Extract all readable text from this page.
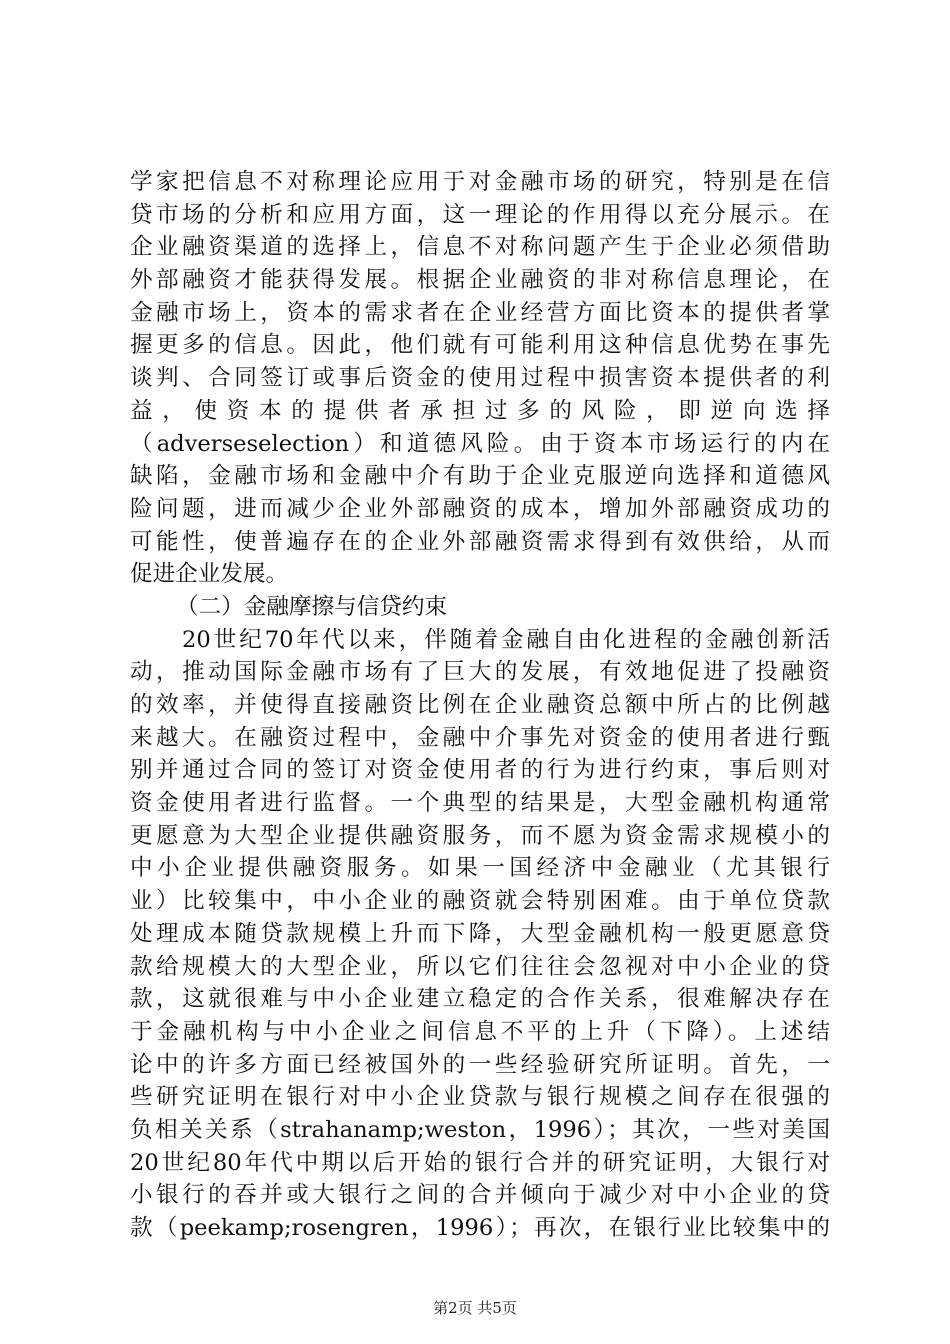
学家把信息不对称理论应用于对金融市场的研究，特别是在信
贷市场的分析和应用方面，这一理论的作用得以充分展示。在
企业融资渠道的选择上，信息不对称问题产生于企业必须借助
外部融资才能获得发展。根据企业融资的非对称信息理论，在
金融市场上，资本的需求者在企业经营方面比资本的提供者掌
握更多的信息。因此，他们就有可能利用这种信息优势在事先
谈判、合同签订或事后资金的使用过程中损害资本提供者的利
益，使资本的提供者承担过多的风险，即逆向选择
（adverseselection）和道德风险。由于资本市场运行的内在
缺陷，金融市场和金融中介有助于企业克服逆向选择和道德风
险问题，进而减少企业外部融资的成本，增加外部融资成功的
可能性，使普遍存在的企业外部融资需求得到有效供给，从而
促进企业发展。
（二）金融摩擦与信贷约束
20世纪70年代以来，伴随着金融自由化进程的金融创新活
动，推动国际金融市场有了巨大的发展，有效地促进了投融资
的效率，并使得直接融资比例在企业融资总额中所占的比例越
来越大。在融资过程中，金融中介事先对资金的使用者进行甄
别并通过合同的签订对资金使用者的行为进行约束，事后则对
资金使用者进行监督。一个典型的结果是，大型金融机构通常
更愿意为大型企业提供融资服务，而不愿为资金需求规模小的
中小企业提供融资服务。如果一国经济中金融业（尤其银行
业）比较集中，中小企业的融资就会特别困难。由于单位贷款
处理成本随贷款规模上升而下降，大型金融机构一般更愿意贷
款给规模大的大型企业，所以它们往往会忽视对中小企业的贷
款，这就很难与中小企业建立稳定的合作关系，很难解决存在
于金融机构与中小企业之间信息不平的上升（下降）。上述结
论中的许多方面已经被国外的一些经验研究所证明。首先，一
些研究证明在银行对中小企业贷款与银行规模之间存在很强的
负相关关系（strahanamp;weston，1996）；其次，一些对美国
20世纪80年代中期以后开始的银行合并的研究证明，大银行对
小银行的吞并或大银行之间的合并倾向于减少对中小企业的贷
款（peekamp;rosengren，1996）；再次，在银行业比较集中的
第2页 共5页
